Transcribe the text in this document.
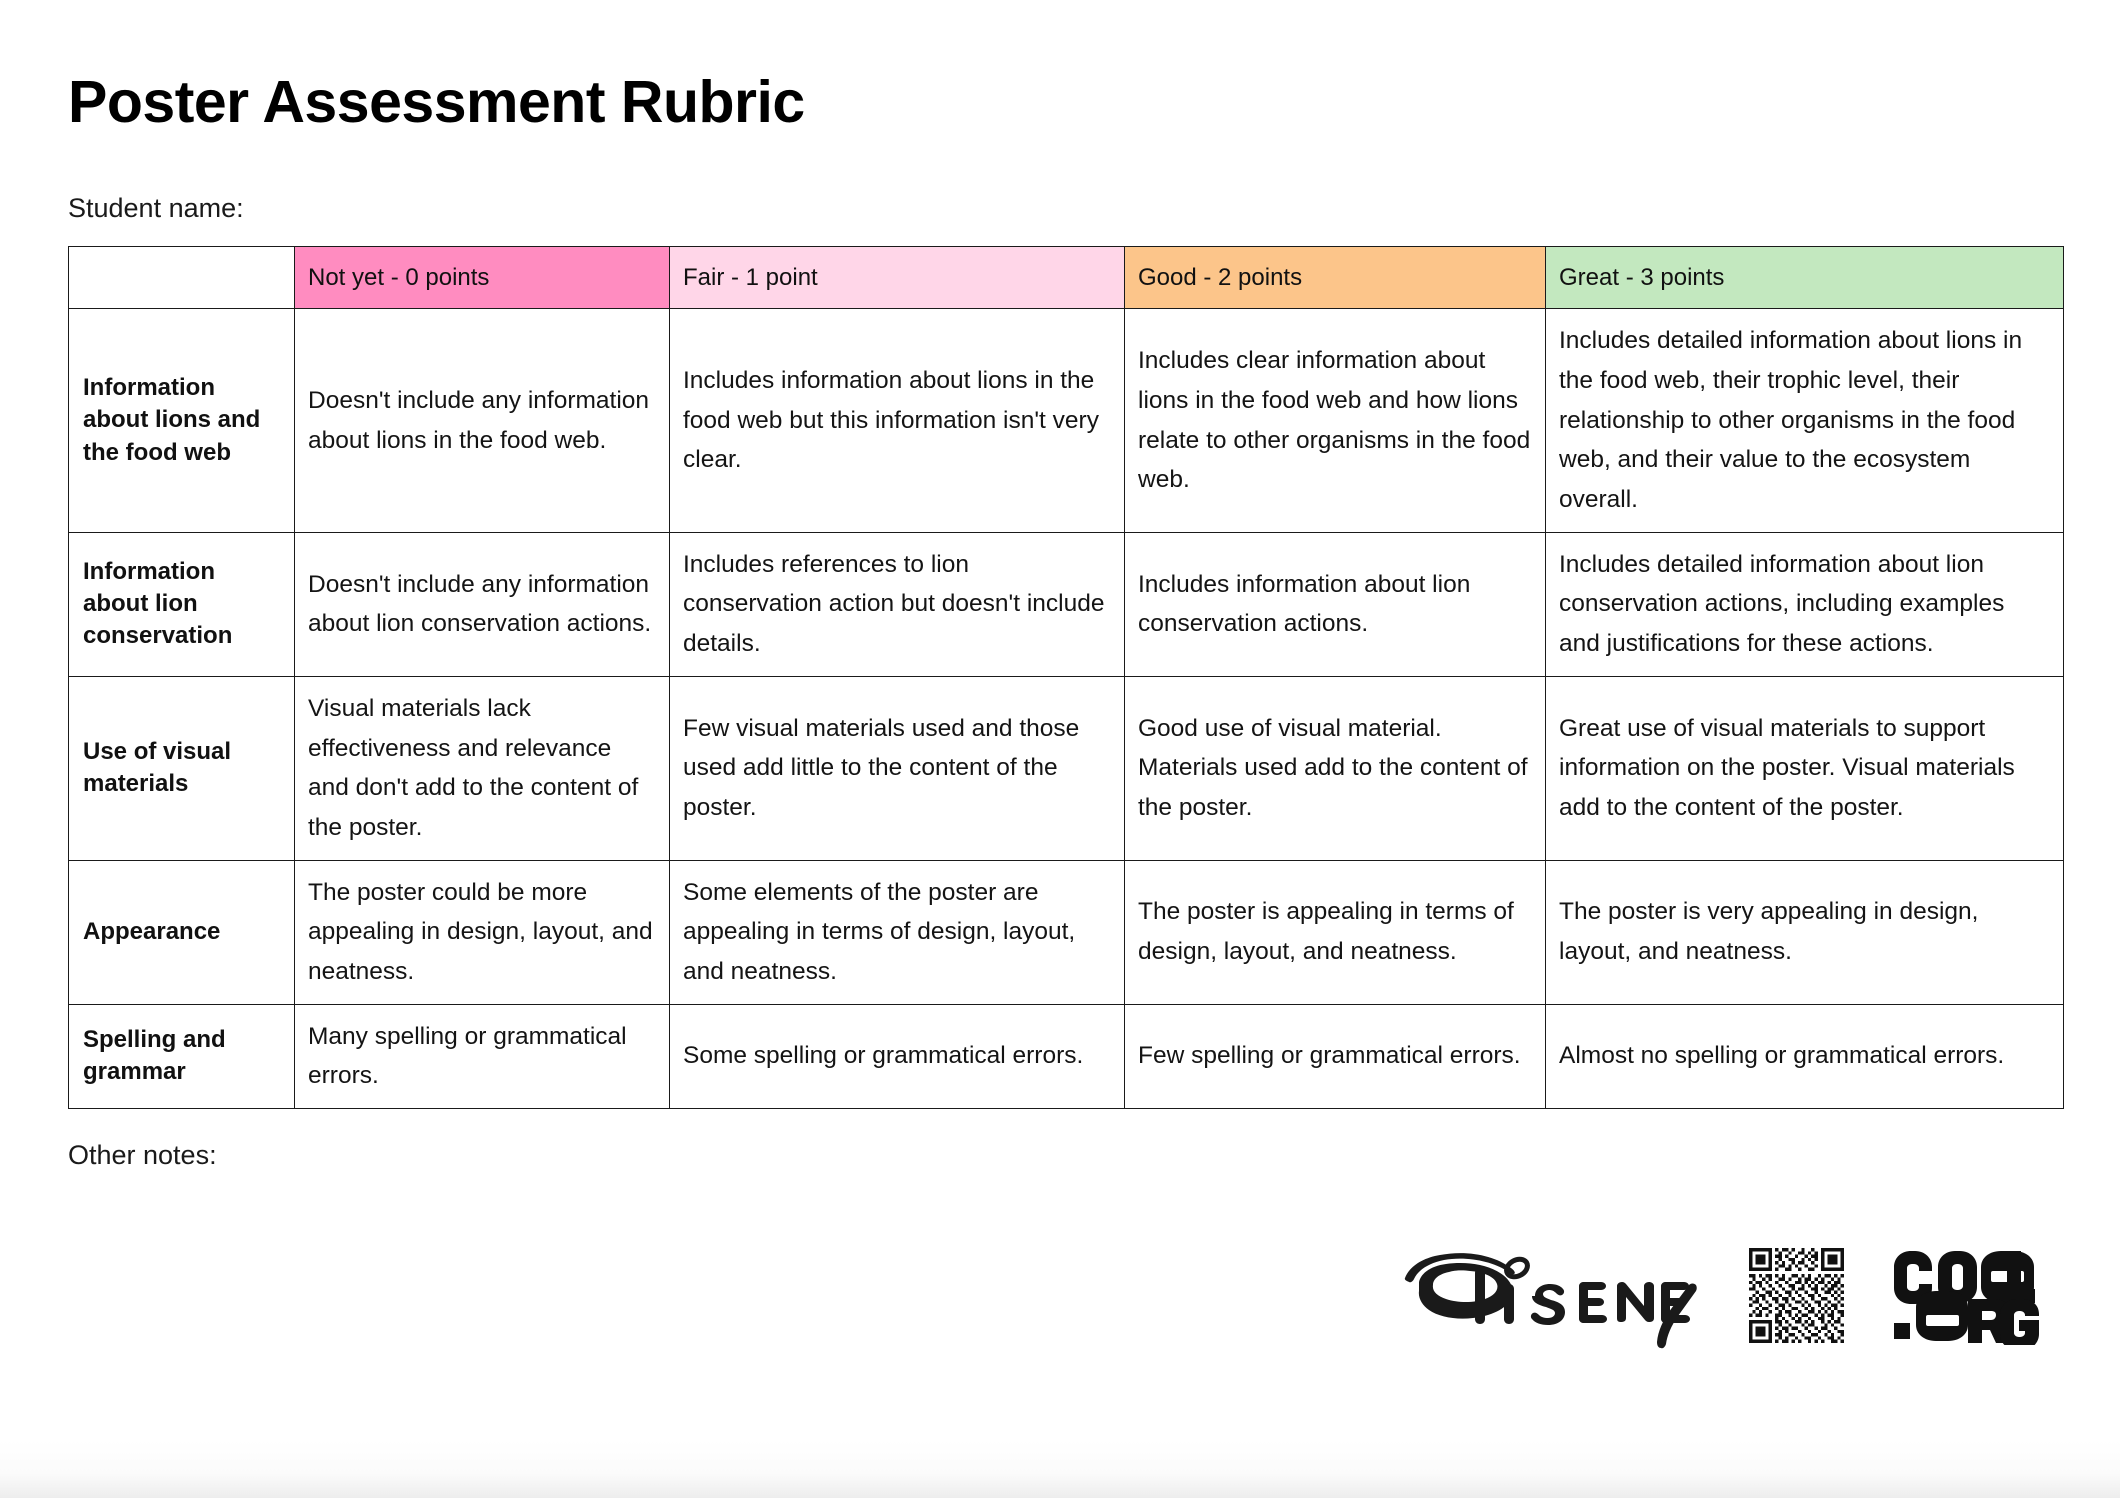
Poster Assessment Rubric
Student name:
	Not yet - 0 points	Fair - 1 point	Good - 2 points	Great - 3 points
Information about lions and the food web	Doesn't include any information about lions in the food web.	Includes information about lions in the food web but this information isn't very clear.	Includes clear information about lions in the food web and how lions relate to other organisms in the food web.	Includes detailed information about lions in the food web, their trophic level, their relationship to other organisms in the food web, and their value to the ecosystem overall.
Information about lion conservation	Doesn't include any information about lion conservation actions.	Includes references to lion conservation action but doesn't include details.	Includes information about lion conservation actions.	Includes detailed information about lion conservation actions, including examples and justifications for these actions.
Use of visual materials	Visual materials lack effectiveness and relevance and don't add to the content of the poster.	Few visual materials used and those used add little to the content of the poster.	Good use of visual material. Materials used add to the content of the poster.	Great use of visual materials to support information on the poster. Visual materials add to the content of the poster.
Appearance	The poster could be more appealing in design, layout, and neatness.	Some elements of the poster are appealing in terms of design, layout, and neatness.	The poster is appealing in terms of design, layout, and neatness.	The poster is very appealing in design, layout, and neatness.
Spelling and grammar	Many spelling or grammatical errors.	Some spelling or grammatical errors.	Few spelling or grammatical errors.	Almost no spelling or grammatical errors.
Other notes:
